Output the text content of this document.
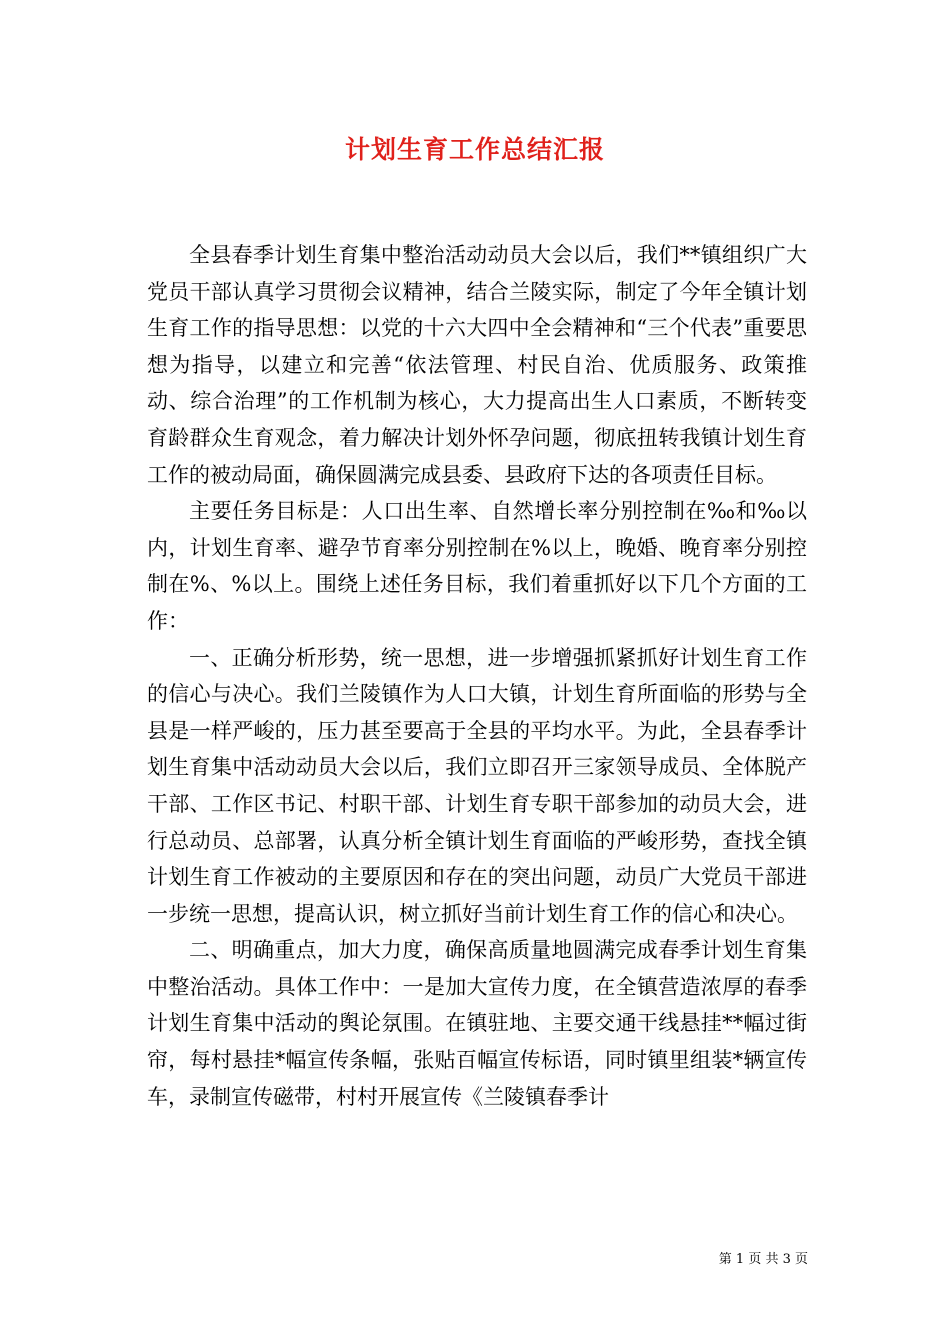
计划生育工作总结汇报

全县春季计划生育集中整治活动动员大会以后，我们**镇组织广大党员干部认真学习贯彻会议精神，结合兰陵实际，制定了今年全镇计划生育工作的指导思想：以党的十六大四中全会精神和“三个代表”重要思想为指导，以建立和完善“依法管理、村民自治、优质服务、政策推动、综合治理”的工作机制为核心，大力提高出生人口素质，不断转变育龄群众生育观念，着力解决计划外怀孕问题，彻底扭转我镇计划生育工作的被动局面，确保圆满完成县委、县政府下达的各项责任目标。

主要任务目标是：人口出生率、自然增长率分别控制在‰和‰以内，计划生育率、避孕节育率分别控制在%以上，晚婚、晚育率分别控制在%、%以上。围绕上述任务目标，我们着重抓好以下几个方面的工作：

一、正确分析形势，统一思想，进一步增强抓紧抓好计划生育工作的信心与决心。我们兰陵镇作为人口大镇，计划生育所面临的形势与全县是一样严峻的，压力甚至要高于全县的平均水平。为此，全县春季计划生育集中活动动员大会以后，我们立即召开三家领导成员、全体脱产干部、工作区书记、村职干部、计划生育专职干部参加的动员大会，进行总动员、总部署，认真分析全镇计划生育面临的严峻形势，查找全镇计划生育工作被动的主要原因和存在的突出问题，动员广大党员干部进一步统一思想，提高认识，树立抓好当前计划生育工作的信心和决心。

二、明确重点，加大力度，确保高质量地圆满完成春季计划生育集中整治活动。具体工作中：一是加大宣传力度，在全镇营造浓厚的春季计划生育集中活动的舆论氛围。在镇驻地、主要交通干线悬挂**幅过街帘，每村悬挂*幅宣传条幅，张贴百幅宣传标语，同时镇里组装*辆宣传车，录制宣传磁带，村村开展宣传《兰陵镇春季计

第 1 页 共 3 页
